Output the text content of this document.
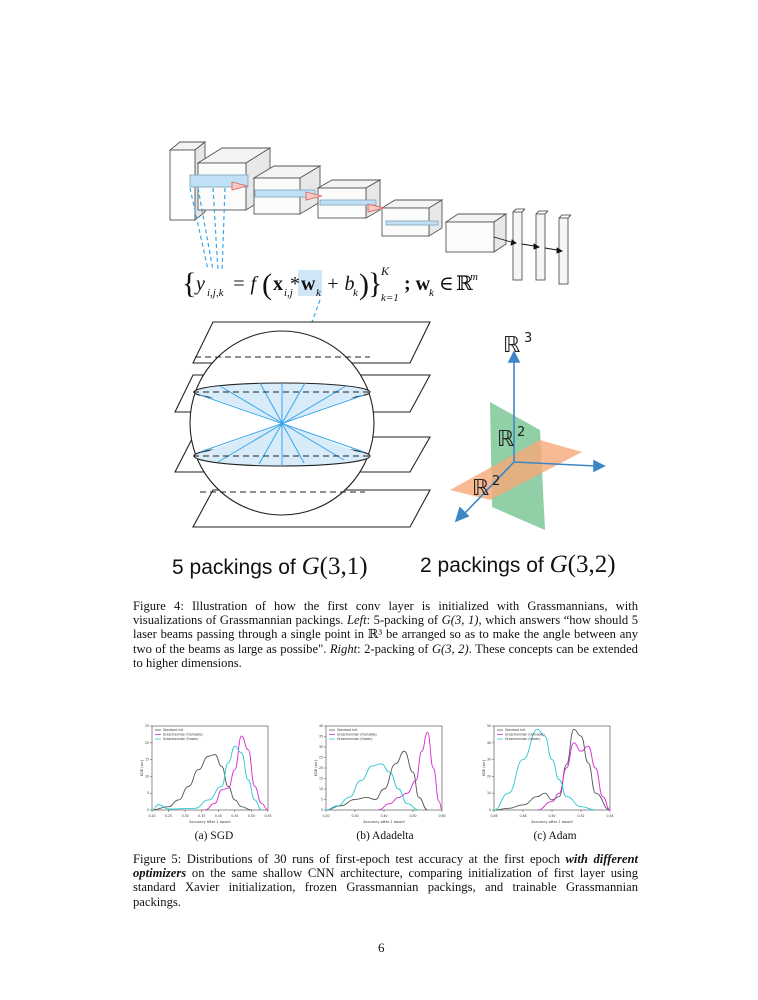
{ y i,j,k = f ( x i,j
* w k + b
k ) }
K
k=1
; w
k ∈ ℝ
m
ℝ 3
ℝ 2
ℝ 2
5 packings of G(3,1) 2 packings of G(3,2)
Figure 4: Illustration of how the first conv layer is initialized with Grassmannians, with visualizations of Grassmannian packings. Left: 5-packing of G(3, 1), which answers “how should 5 laser beams passing through a single point in ℝ³ be arranged so as to make the angle between any two of the beams as large as possibe". Right: 2-packing of G(3, 2). These concepts can be extended to higher dimensions.
0.20	0.25	0.30	0.35	0.40	0.45	0.50	0.55
0
5
10
15
20
25
Accuracy after 1 epoch
KDE (arr)
Standard Init
Grassmannian (trainable)
Grassmannian (frozen)
0.20	0.30	0.40	0.50	0.60
0
5
10
15
20
25
30
35
40
Accuracy after 1 epoch
KDE (arr)
Standard Init
Grassmannian (trainable)
Grassmannian (frozen)
0.46	0.48	0.50	0.52	0.54
0
10
20
30
40
50
Accuracy after 1 epoch
KDE (arr)
Standard Init
Grassmannian (trainable)
Grassmannian (frozen)
(a) SGD	(b) Adadelta	(c) Adam
Figure 5: Distributions of 30 runs of first-epoch test accuracy at the first epoch with different optimizers on the same shallow CNN architecture, comparing initialization of first layer using standard Xavier initialization, frozen Grassmannian packings, and trainable Grassmannian packings.
6
